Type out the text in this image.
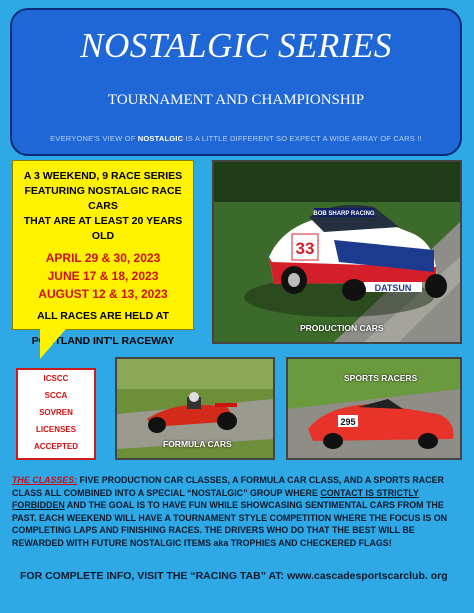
NOSTALGIC SERIES
TOURNAMENT AND CHAMPIONSHIP
EVERYONE'S VIEW OF NOSTALGIC IS A LITTLE DIFFERENT SO EXPECT A WIDE ARRAY OF CARS !!
A 3 WEEKEND, 9 RACE SERIES
FEATURING NOSTALGIC RACE CARS
THAT ARE AT LEAST 20 YEARS OLD
APRIL 29 & 30, 2023
JUNE 17 & 18, 2023
AUGUST 12 & 13, 2023
ALL RACES ARE HELD AT
PORTLAND INT'L RACEWAY
BOB SHARP RACING
33
DATSUN
PRODUCTION CARS
ICSCC
SCCA
SOVREN
LICENSES
ACCEPTED	FORMULA CARS
295
SPORTS RACERS
THE CLASSES: FIVE PRODUCTION CAR CLASSES, A FORMULA CAR CLASS, AND A SPORTS RACER CLASS ALL COMBINED INTO A SPECIAL “NOSTALGIC” GROUP WHERE CONTACT IS STRICTLY FORBIDDEN AND THE GOAL IS TO HAVE FUN WHILE SHOWCASING SENTIMENTAL CARS FROM THE PAST. EACH WEEKEND WILL HAVE A TOURNAMENT STYLE COMPETITION WHERE THE FOCUS IS ON COMPLETING LAPS AND FINISHING RACES. THE DRIVERS WHO DO THAT THE BEST WILL BE REWARDED WITH FUTURE NOSTALGIC ITEMS aka TROPHIES AND CHECKERED FLAGS!
FOR COMPLETE INFO, VISIT THE “RACING TAB” AT: www.cascadesportscarclub. org
